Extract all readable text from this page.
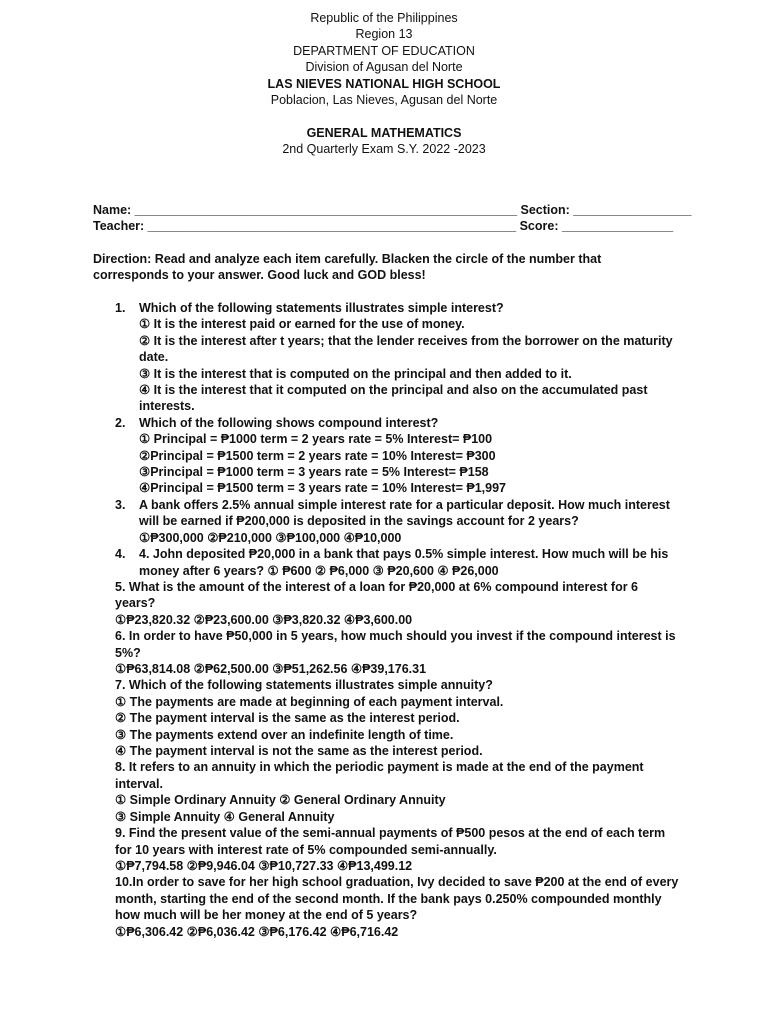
Republic of the Philippines
Region 13
DEPARTMENT OF EDUCATION
Division of Agusan del Norte
LAS NIEVES NATIONAL HIGH SCHOOL
Poblacion, Las Nieves, Agusan del Norte
GENERAL MATHEMATICS
2nd Quarterly Exam S.Y. 2022 -2023
Name: _______________________________________________________ Section: _________________
Teacher: _____________________________________________________ Score: ________________
Direction: Read and analyze each item carefully. Blacken the circle of the number that corresponds to your answer. Good luck and GOD bless!
1. Which of the following statements illustrates simple interest?
① It is the interest paid or earned for the use of money.
② It is the interest after t years; that the lender receives from the borrower on the maturity date.
③ It is the interest that is computed on the principal and then added to it.
④ It is the interest that it computed on the principal and also on the accumulated past interests.
2. Which of the following shows compound interest?
① Principal = ₱1000 term = 2 years rate = 5% Interest= ₱100
②Principal = ₱1500 term = 2 years rate = 10% Interest= ₱300
③Principal = ₱1000 term = 3 years rate = 5% Interest= ₱158
④Principal = ₱1500 term = 3 years rate = 10% Interest= ₱1,997
3. A bank offers 2.5% annual simple interest rate for a particular deposit. How much interest will be earned if ₱200,000 is deposited in the savings account for 2 years?
①₱300,000 ②₱210,000 ③₱100,000 ④₱10,000
4. 4. John deposited ₱20,000 in a bank that pays 0.5% simple interest. How much will be his money after 6 years? ① ₱600 ② ₱6,000 ③ ₱20,600 ④ ₱26,000
5. What is the amount of the interest of a loan for ₱20,000 at 6% compound interest for 6 years?
①₱23,820.32 ②₱23,600.00 ③₱3,820.32 ④₱3,600.00
6. In order to have ₱50,000 in 5 years, how much should you invest if the compound interest is 5%?
①₱63,814.08 ②₱62,500.00 ③₱51,262.56 ④₱39,176.31
7. Which of the following statements illustrates simple annuity?
① The payments are made at beginning of each payment interval.
② The payment interval is the same as the interest period.
③ The payments extend over an indefinite length of time.
④ The payment interval is not the same as the interest period.
8. It refers to an annuity in which the periodic payment is made at the end of the payment interval.
① Simple Ordinary Annuity ② General Ordinary Annuity
③ Simple Annuity ④ General Annuity
9. Find the present value of the semi-annual payments of ₱500 pesos at the end of each term for 10 years with interest rate of 5% compounded semi-annually.
①₱7,794.58 ②₱9,946.04 ③₱10,727.33 ④₱13,499.12
10.In order to save for her high school graduation, Ivy decided to save ₱200 at the end of every month, starting the end of the second month. If the bank pays 0.250% compounded monthly how much will be her money at the end of 5 years?
①₱6,306.42 ②₱6,036.42 ③₱6,176.42 ④₱6,716.42
